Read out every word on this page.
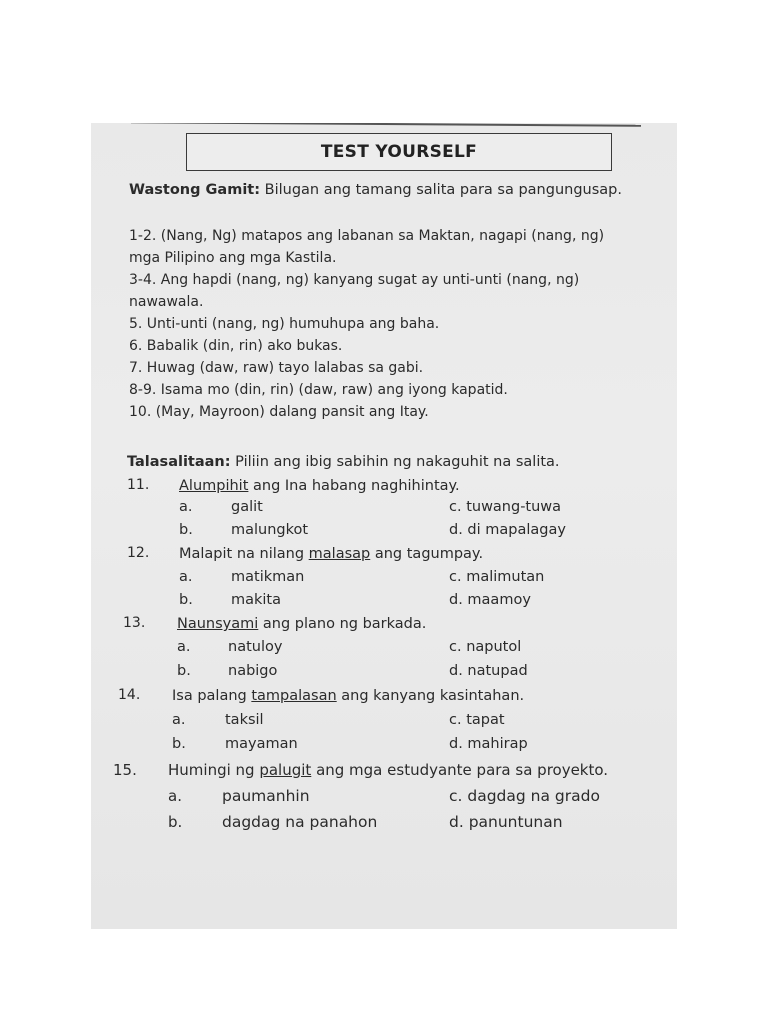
TEST YOURSELF
Wastong Gamit: Bilugan ang tamang salita para sa pangungusap.
1-2. (Nang, Ng) matapos ang labanan sa Maktan, nagapi (nang, ng)
mga Pilipino ang mga Kastila.
3-4. Ang hapdi (nang, ng) kanyang sugat ay unti-unti (nang, ng)
nawawala.
5. Unti-unti (nang, ng) humuhupa ang baha.
6. Babalik (din, rin) ako bukas.
7. Huwag (daw, raw) tayo lalabas sa gabi.
8-9. Isama mo (din, rin) (daw, raw) ang iyong kapatid.
10. (May, Mayroon) dalang pansit ang Itay.
Talasalitaan: Piliin ang ibig sabihin ng nakaguhit na salita.
11. Alumpihit ang Ina habang naghihintay.
a.	galit	c. tuwang-tuwa
b.	malungkot	d. di mapalagay
12. Malapit na nilang malasap ang tagumpay.
a.	matikman	c. malimutan
b.	makita	d. maamoy
13. Naunsyami ang plano ng barkada.
a.	natuloy	c. naputol
b.	nabigo	d. natupad
14. Isa palang tampalasan ang kanyang kasintahan.
a.	taksil	c. tapat
b.	mayaman	d. mahirap
15. Humingi ng palugit ang mga estudyante para sa proyekto.
a.	paumanhin	c. dagdag na grado
b.	dagdag na panahon	d. panuntunan
